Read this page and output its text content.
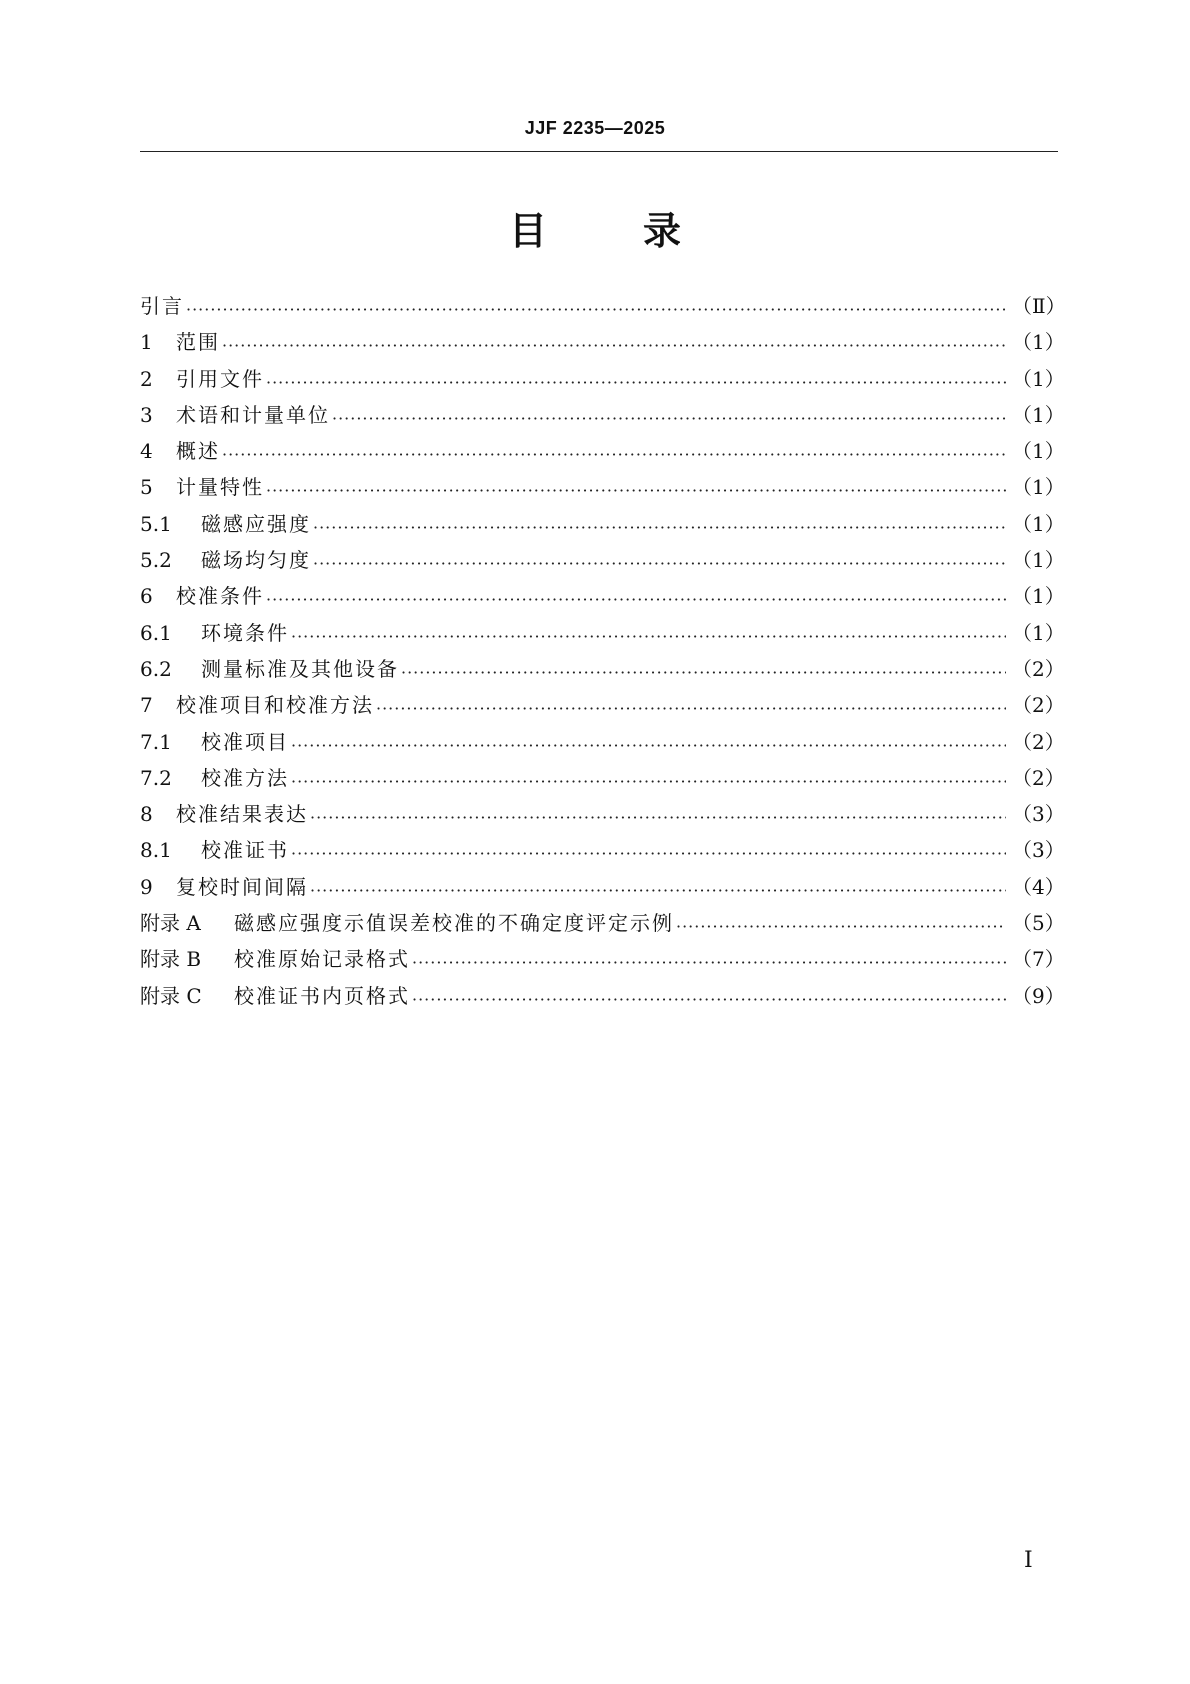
JJF 2235—2025
目	录
引言 ·····	（Ⅱ）
1	范围 ·····	（1）
2	引用文件 ·····	（1）
3	术语和计量单位 ·····	（1）
4	概述 ·····	（1）
5	计量特性 ·····	（1）
5.1	磁感应强度 ·····	（1）
5.2	磁场均匀度 ·····	（1）
6	校准条件 ·····	（1）
6.1	环境条件 ·····	（1）
6.2	测量标准及其他设备 ·····	（2）
7	校准项目和校准方法 ·····	（2）
7.1	校准项目 ·····	（2）
7.2	校准方法 ·····	（2）
8	校准结果表达 ·····	（3）
8.1	校准证书 ·····	（3）
9	复校时间间隔 ·····	（4）
附录 A	磁感应强度示值误差校准的不确定度评定示例 ·····	（5）
附录 B	校准原始记录格式 ·····	（7）
附录 C	校准证书内页格式 ·····	（9）
Ⅰ
